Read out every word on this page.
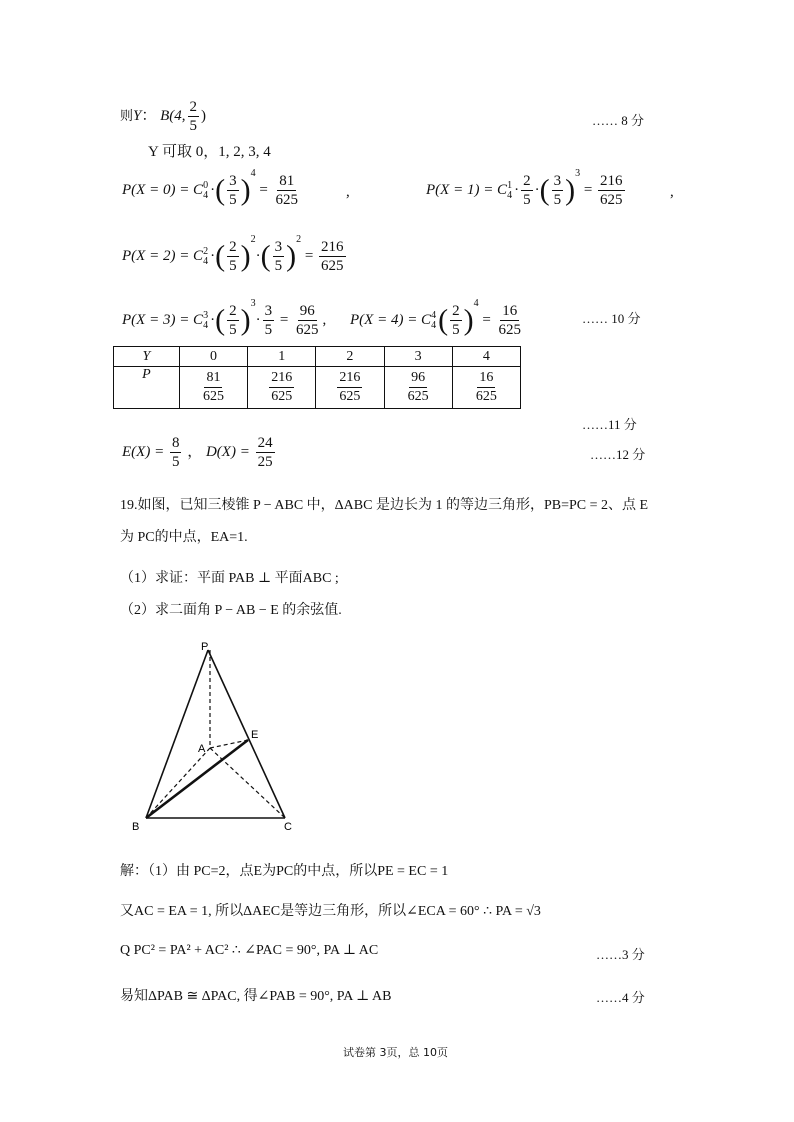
则Y： B(4, $\frac{2}{5}$ )	…… 8 分
Y 可取 0，1, 2, 3, 4
P(X = 0) = C 0
4 ·( $\frac{3}{5} )^4 = \frac{81}{625}$	,	P(X = 1) = C 1
$4 \cdot \frac{2}{5}$ ·( $\frac{3}{5} )^3 = \frac{216}{625}$	,
P(X = 2) = C 2
4 ·( $\frac{2}{5} )^2\cdot( \frac{3}{5} )^2 = \frac{216}{625}$
P(X = 3) = C 3
4 ·( $\frac{2}{5} )^3\cdot \frac{3}{5} = \frac{96}{625}$ , P(X = 4) = C 4
4 ( $\frac{2}{5} )^4 = \frac{16}{625}$	…… 10 分
Y	0	1	2	3	4
P	$\frac{81}{625}$	$\frac{216}{625}$	$\frac{216}{625}$	$\frac{96}{625}$	$\frac{16}{625}$
……11 分
$E(X) = \frac{8}{5}$ ， $D(X) = \frac{24}{25}$	……12 分
19.如图，已知三棱锥 P − ABC 中，ΔABC 是边长为 1 的等边三角形，PB=PC = 2、点 E
为 PC的中点，EA=1.
（1）求证：平面 PAB ⊥ 平面ABC ;
（2）求二面角 P − AB − E 的余弦值.
P
A
E
B	C
解：（1）由 PC=2，点E为PC的中点，所以PE = EC = 1
又AC = EA = 1, 所以ΔAEC是等边三角形，所以∠ECA = 60° ∴ PA = √3
Q PC² = PA² + AC² ∴ ∠PAC = 90°, PA ⊥ AC	……3 分
易知ΔPAB ≅ ΔPAC, 得∠PAB = 90°, PA ⊥ AB	……4 分
试卷第 3页，总 10页
